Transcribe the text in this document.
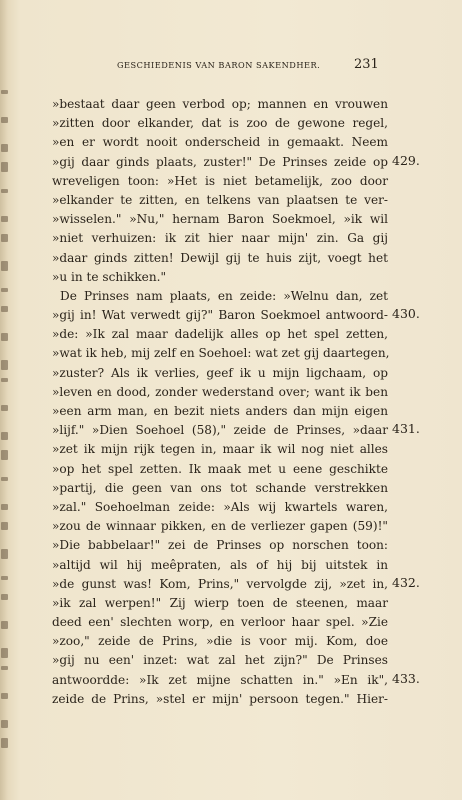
GESCHIEDENIS VAN BARON SAKENDHER.	231
»bestaat daar geen verbod op; mannen en vrouwen
»zitten door elkander, dat is zoo de gewone regel,
»en er wordt nooit onderscheid in gemaakt. Neem
»gij daar ginds plaats, zuster!" De Prinses zeide op
wreveligen toon: »Het is niet betamelijk, zoo door
»elkander te zitten, en telkens van plaatsen te ver-
»wisselen." »Nu," hernam Baron Soekmoel, »ik wil
»niet verhuizen: ik zit hier naar mijn' zin. Ga gij
»daar ginds zitten! Dewijl gij te huis zijt, voegt het
»u in te schikken."
De Prinses nam plaats, en zeide: »Welnu dan, zet
»gij in! Wat verwedt gij?" Baron Soekmoel antwoord-
»de: »Ik zal maar dadelijk alles op het spel zetten,
»wat ik heb, mij zelf en Soehoel: wat zet gij daartegen,
»zuster? Als ik verlies, geef ik u mijn ligchaam, op
»leven en dood, zonder wederstand over; want ik ben
»een arm man, en bezit niets anders dan mijn eigen
»lijf." »Dien Soehoel (58)," zeide de Prinses, »daar
»zet ik mijn rijk tegen in, maar ik wil nog niet alles
»op het spel zetten. Ik maak met u eene geschikte
»partij, die geen van ons tot schande verstrekken
»zal." Soehoelman zeide: »Als wij kwartels waren,
»zou de winnaar pikken, en de verliezer gapen (59)!"
»Die babbelaar!" zei de Prinses op norschen toon:
»altijd wil hij meêpraten, als of hij bij uitstek in
»de gunst was! Kom, Prins," vervolgde zij, »zet in,
»ik zal werpen!" Zij wierp toen de steenen, maar
deed een' slechten worp, en verloor haar spel. »Zie
»zoo," zeide de Prins, »die is voor mij. Kom, doe
»gij nu een' inzet: wat zal het zijn?" De Prinses
antwoordde: »Ik zet mijne schatten in." »En ik",
zeide de Prins, »stel er mijn' persoon tegen." Hier-
429.
430.
431.
432.
433.
